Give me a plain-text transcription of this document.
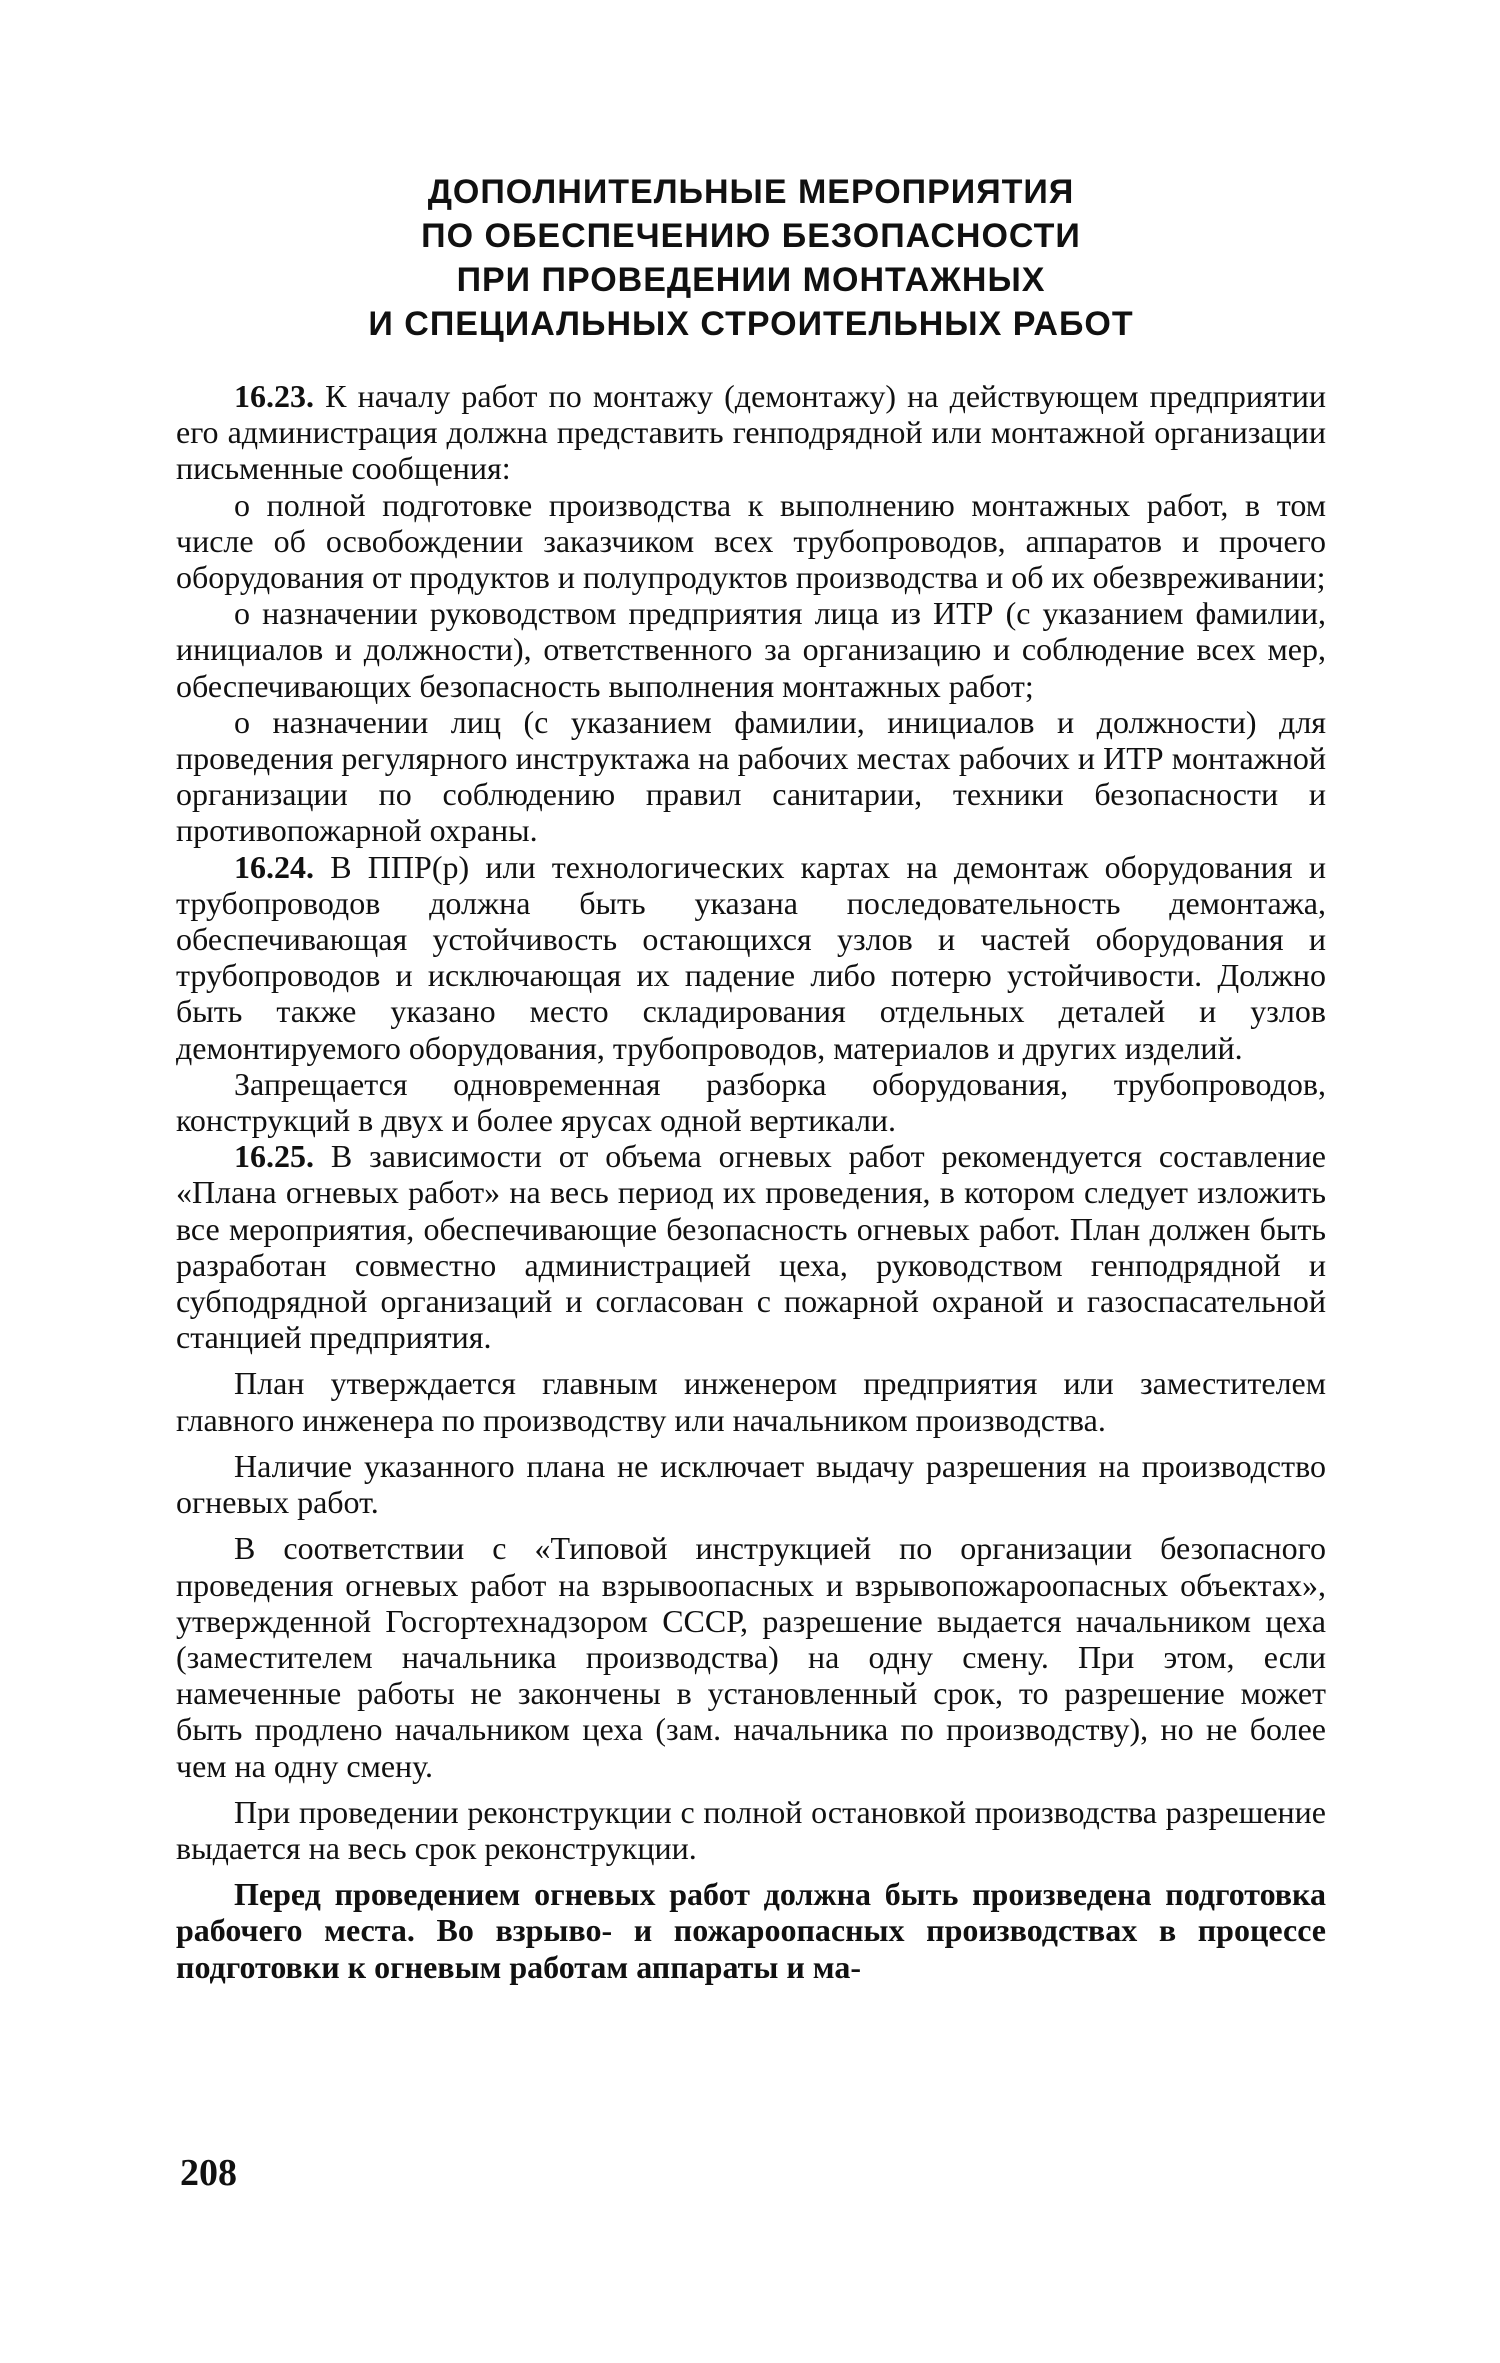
ДОПОЛНИТЕЛЬНЫЕ МЕРОПРИЯТИЯ
ПО ОБЕСПЕЧЕНИЮ БЕЗОПАСНОСТИ
ПРИ ПРОВЕДЕНИИ МОНТАЖНЫХ
И СПЕЦИАЛЬНЫХ СТРОИТЕЛЬНЫХ РАБОТ

16.23. К началу работ по монтажу (демонтажу) на действующем предприятии его администрация должна представить генподрядной или монтажной организации письменные сообщения:

о полной подготовке производства к выполнению монтажных работ, в том числе об освобождении заказчиком всех трубопроводов, аппаратов и прочего оборудования от продуктов и полупродуктов производства и об их обезвреживании;

о назначении руководством предприятия лица из ИТР (с указанием фамилии, инициалов и должности), ответственного за организацию и соблюдение всех мер, обеспечивающих безопасность выполнения монтажных работ;

о назначении лиц (с указанием фамилии, инициалов и должности) для проведения регулярного инструктажа на рабочих местах рабочих и ИТР монтажной организации по соблюдению правил санитарии, техники безопасности и противопожарной охраны.

16.24. В ППР(р) или технологических картах на демонтаж оборудования и трубопроводов должна быть указана последовательность демонтажа, обеспечивающая устойчивость остающихся узлов и частей оборудования и трубопроводов и исключающая их падение либо потерю устойчивости. Должно быть также указано место складирования отдельных деталей и узлов демонтируемого оборудования, трубопроводов, материалов и других изделий.

Запрещается одновременная разборка оборудования, трубопроводов, конструкций в двух и более ярусах одной вертикали.

16.25. В зависимости от объема огневых работ рекомендуется составление «Плана огневых работ» на весь период их проведения, в котором следует изложить все мероприятия, обеспечивающие безопасность огневых работ. План должен быть разработан совместно администрацией цеха, руководством генподрядной и субподрядной организаций и согласован с пожарной охраной и газоспасательной станцией предприятия.

План утверждается главным инженером предприятия или заместителем главного инженера по производству или начальником производства.

Наличие указанного плана не исключает выдачу разрешения на производство огневых работ.

В соответствии с «Типовой инструкцией по организации безопасного проведения огневых работ на взрывоопасных и взрывопожароопасных объектах», утвержденной Госгортехнадзором СССР, разрешение выдается начальником цеха (заместителем начальника производства) на одну смену. При этом, если намеченные работы не закончены в установленный срок, то разрешение может быть продлено начальником цеха (зам. начальника по производству), но не более чем на одну смену.

При проведении реконструкции с полной остановкой производства разрешение выдается на весь срок реконструкции.

Перед проведением огневых работ должна быть произведена подготовка рабочего места. Во взрыво- и пожароопасных производствах в процессе подготовки к огневым работам аппараты и ма-

208
